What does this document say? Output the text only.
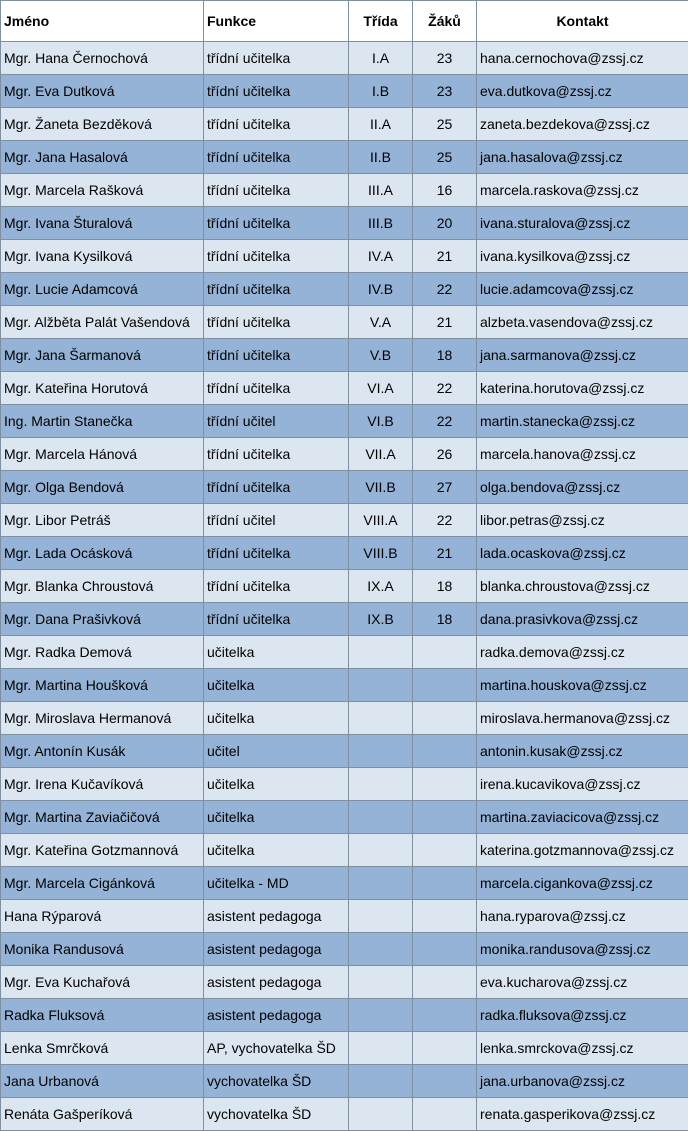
Jméno	Funkce	Třída	Žáků	Kontakt
Mgr. Hana Černochová	třídní učitelka	I.A	23	hana.cernochova@zssj.cz
Mgr. Eva Dutková	třídní učitelka	I.B	23	eva.dutkova@zssj.cz
Mgr. Žaneta Bezděková	třídní učitelka	II.A	25	zaneta.bezdekova@zssj.cz
Mgr. Jana Hasalová	třídní učitelka	II.B	25	jana.hasalova@zssj.cz
Mgr. Marcela Rašková	třídní učitelka	III.A	16	marcela.raskova@zssj.cz
Mgr. Ivana Šturalová	třídní učitelka	III.B	20	ivana.sturalova@zssj.cz
Mgr. Ivana Kysilková	třídní učitelka	IV.A	21	ivana.kysilkova@zssj.cz
Mgr. Lucie Adamcová	třídní učitelka	IV.B	22	lucie.adamcova@zssj.cz
Mgr. Alžběta Palát Vašendová	třídní učitelka	V.A	21	alzbeta.vasendova@zssj.cz
Mgr. Jana Šarmanová	třídní učitelka	V.B	18	jana.sarmanova@zssj.cz
Mgr. Kateřina Horutová	třídní učitelka	VI.A	22	katerina.horutova@zssj.cz
Ing. Martin Stanečka	třídní učitel	VI.B	22	martin.stanecka@zssj.cz
Mgr. Marcela Hánová	třídní učitelka	VII.A	26	marcela.hanova@zssj.cz
Mgr. Olga Bendová	třídní učitelka	VII.B	27	olga.bendova@zssj.cz
Mgr. Libor Petráš	třídní učitel	VIII.A	22	libor.petras@zssj.cz
Mgr. Lada Ocásková	třídní učitelka	VIII.B	21	lada.ocaskova@zssj.cz
Mgr. Blanka Chroustová	třídní učitelka	IX.A	18	blanka.chroustova@zssj.cz
Mgr. Dana Prašivková	třídní učitelka	IX.B	18	dana.prasivkova@zssj.cz
Mgr. Radka Demová	učitelka			radka.demova@zssj.cz
Mgr. Martina Houšková	učitelka			martina.houskova@zssj.cz
Mgr. Miroslava Hermanová	učitelka			miroslava.hermanova@zssj.cz
Mgr. Antonín Kusák	učitel			antonin.kusak@zssj.cz
Mgr. Irena Kučavíková	učitelka			irena.kucavikova@zssj.cz
Mgr. Martina Zaviačičová	učitelka			martina.zaviacicova@zssj.cz
Mgr. Kateřina Gotzmannová	učitelka			katerina.gotzmannova@zssj.cz
Mgr. Marcela Cigánková	učitelka - MD			marcela.cigankova@zssj.cz
Hana Rýparová	asistent pedagoga			hana.ryparova@zssj.cz
Monika Randusová	asistent pedagoga			monika.randusova@zssj.cz
Mgr. Eva Kuchařová	asistent pedagoga			eva.kucharova@zssj.cz
Radka Fluksová	asistent pedagoga			radka.fluksova@zssj.cz
Lenka Smrčková	AP, vychovatelka ŠD			lenka.smrckova@zssj.cz
Jana Urbanová	vychovatelka ŠD			jana.urbanova@zssj.cz
Renáta Gašperíková	vychovatelka ŠD			renata.gasperikova@zssj.cz
